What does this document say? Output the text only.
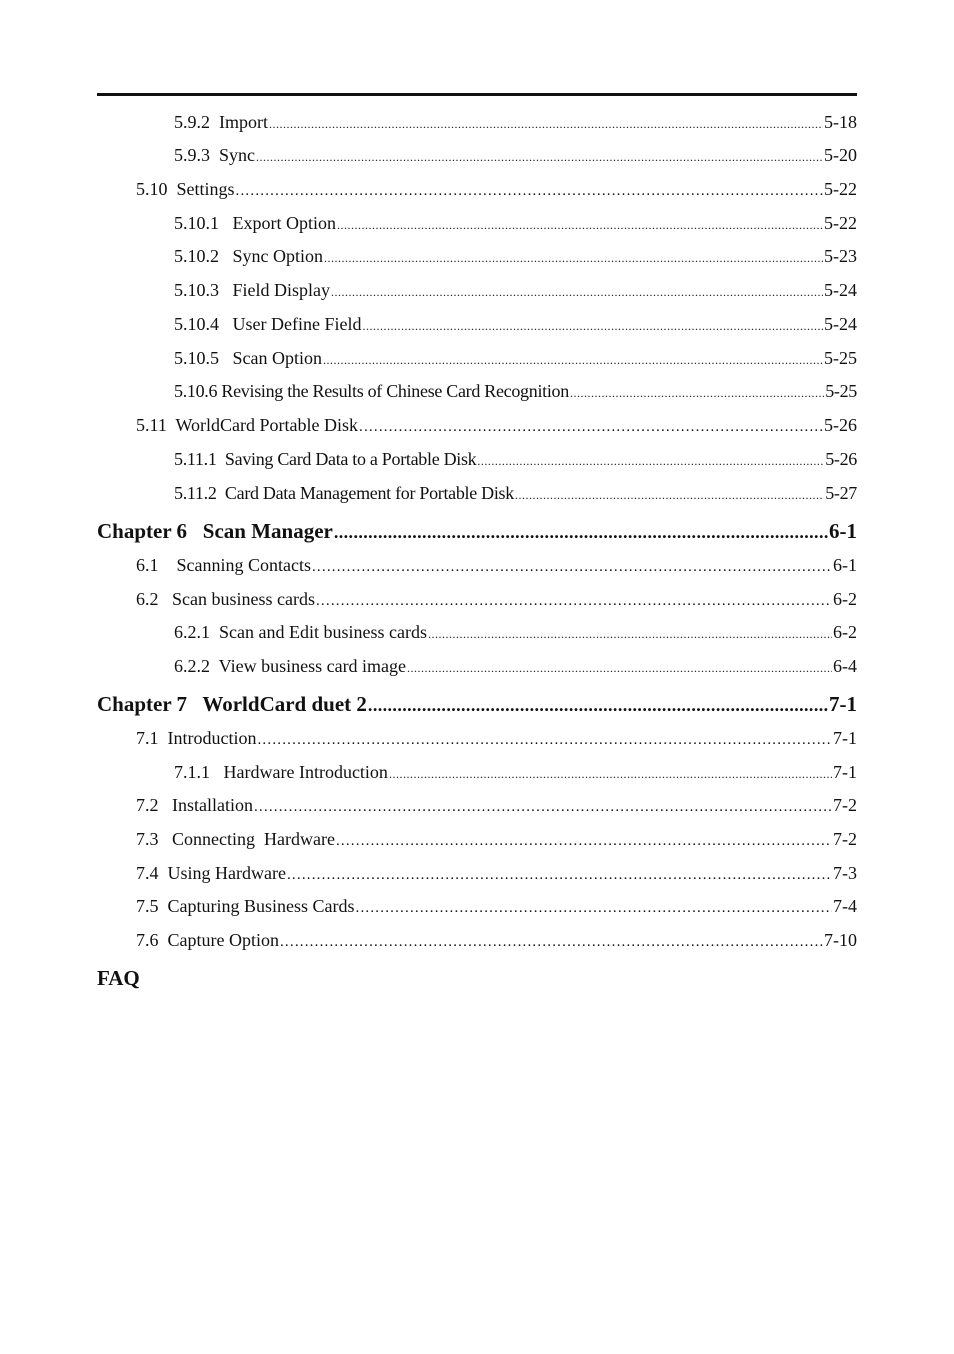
5.9.2  Import .....	5-18
5.9.3  Sync .....	5-20
5.10  Settings .....	5-22
5.10.1   Export Option .....	5-22
5.10.2   Sync Option .....	5-23
5.10.3   Field Display .....	5-24
5.10.4   User Define Field .....	5-24
5.10.5   Scan Option .....	5-25
5.10.6 Revising the Results of Chinese Card Recognition .....	5-25
5.11  WorldCard Portable Disk .....	5-26
5.11.1  Saving Card Data to a Portable Disk .....	5-26
5.11.2  Card Data Management for Portable Disk .....	5-27
Chapter 6   Scan Manager .....	6-1
6.1    Scanning Contacts .....	6-1
6.2   Scan business cards .....	6-2
6.2.1  Scan and Edit business cards .....	6-2
6.2.2  View business card image .....	6-4
Chapter 7   WorldCard duet 2 .....	7-1
7.1  Introduction .....	7-1
7.1.1   Hardware Introduction .....	7-1
7.2   Installation .....	7-2
7.3   Connecting  Hardware .....	7-2
7.4  Using Hardware .....	7-3
7.5  Capturing Business Cards .....	7-4
7.6  Capture Option .....	7-10
FAQ
